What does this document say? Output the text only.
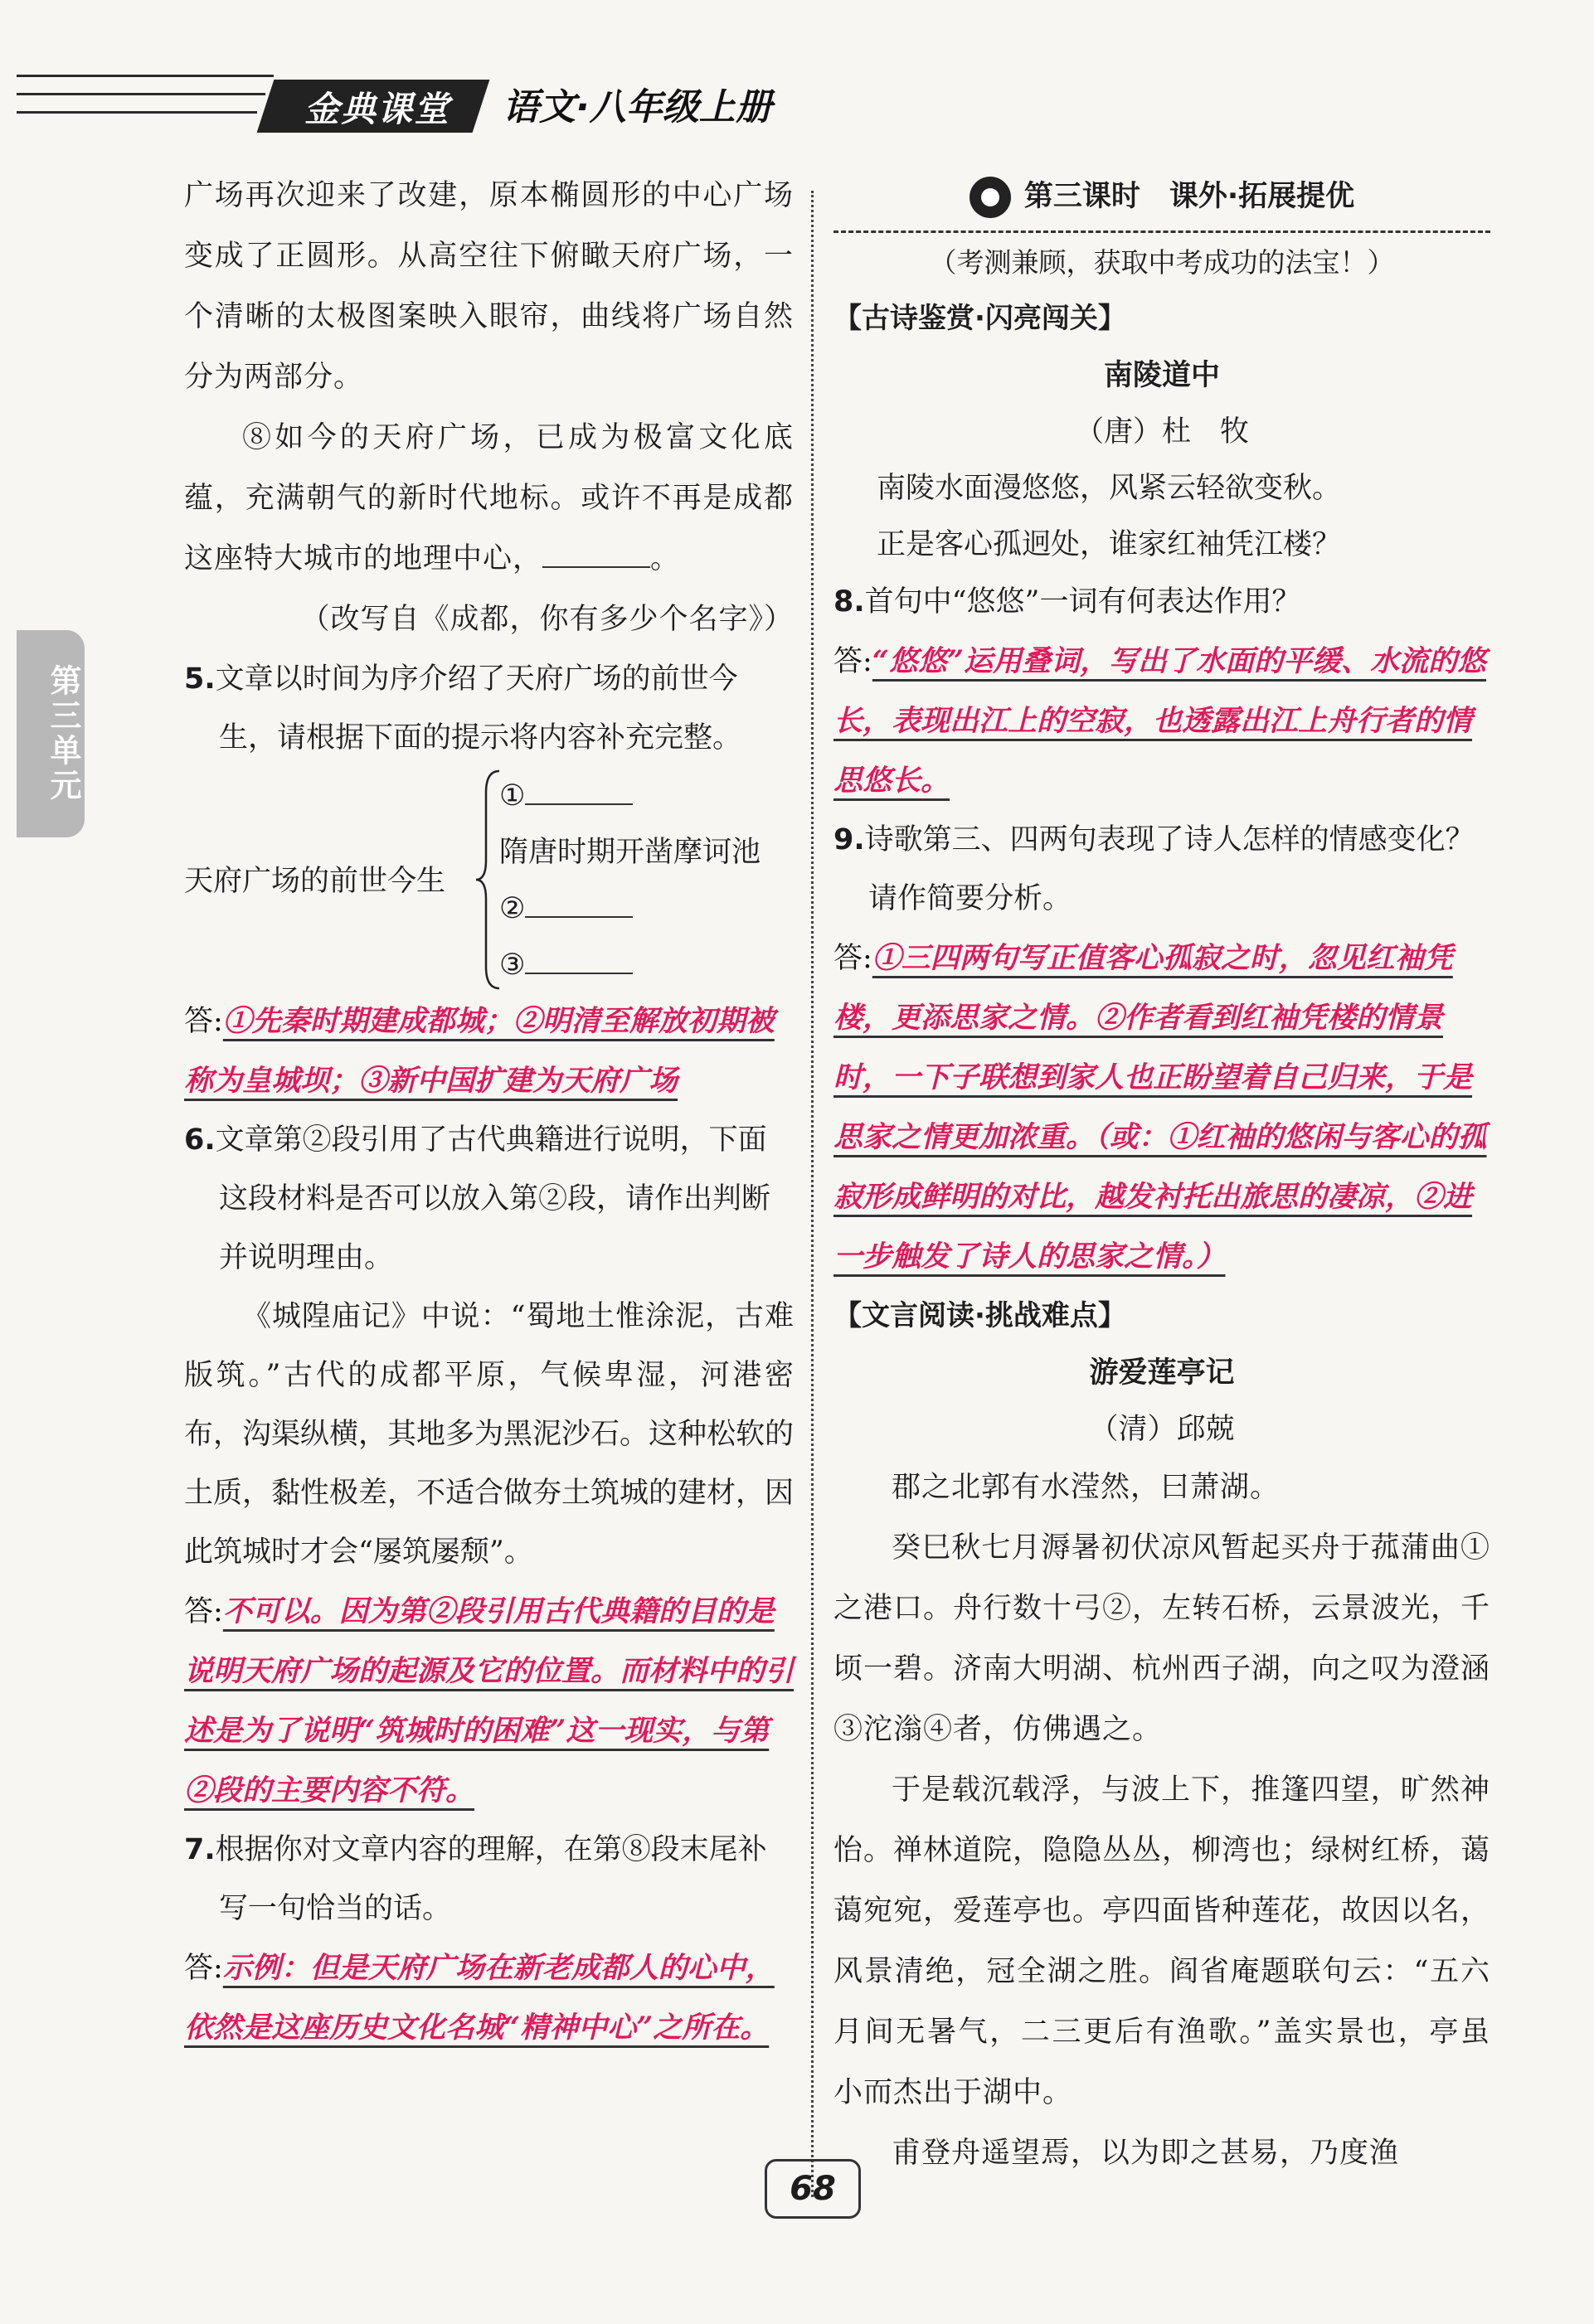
金典课堂	语文·八年级上册
第三单元

广场再次迎来了改建，原本椭圆形的中心广场变成了正圆形。从高空往下俯瞰天府广场，一个清晰的太极图案映入眼帘，曲线将广场自然分为两部分。

⑧如今的天府广场，已成为极富文化底蕴，充满朝气的新时代地标。或许不再是成都这座特大城市的地理中心，	。

（改写自《成都，你有多少个名字》）

5.文章以时间为序介绍了天府广场的前世今生，请根据下面的提示将内容补充完整。

天府广场的前世今生
①
隋唐时期开凿摩诃池
②
③

答:①先秦时期建成都城；②明清至解放初期被称为皇城坝；③新中国扩建为天府广场

6.文章第②段引用了古代典籍进行说明，下面这段材料是否可以放入第②段，请作出判断并说明理由。

《城隍庙记》中说：“蜀地土惟涂泥，古难版筑。”古代的成都平原，气候卑湿，河港密布，沟渠纵横，其地多为黑泥沙石。这种松软的土质，黏性极差，不适合做夯土筑城的建材，因此筑城时才会“屡筑屡颓”。

答:不可以。因为第②段引用古代典籍的目的是说明天府广场的起源及它的位置。而材料中的引述是为了说明“筑城时的困难”这一现实，与第②段的主要内容不符。

7.根据你对文章内容的理解，在第⑧段末尾补写一句恰当的话。

答:示例：但是天府广场在新老成都人的心中，依然是这座历史文化名城“精神中心”之所在。

第三课时　课外·拓展提优

（考测兼顾，获取中考成功的法宝！）

【古诗鉴赏·闪亮闯关】

南陵道中

（唐）杜　牧

南陵水面漫悠悠，风紧云轻欲变秋。

正是客心孤迥处，谁家红袖凭江楼？

8.首句中“悠悠”一词有何表达作用？

答:“悠悠”运用叠词，写出了水面的平缓、水流的悠长，表现出江上的空寂，也透露出江上舟行者的情思悠长。

9.诗歌第三、四两句表现了诗人怎样的情感变化？请作简要分析。

答:①三四两句写正值客心孤寂之时，忽见红袖凭楼，更添思家之情。②作者看到红袖凭楼的情景时，一下子联想到家人也正盼望着自己归来，于是思家之情更加浓重。（或：①红袖的悠闲与客心的孤寂形成鲜明的对比，越发衬托出旅思的凄凉，②进一步触发了诗人的思家之情。）

【文言阅读·挑战难点】

游爱莲亭记

（清）邱兢

郡之北郭有水滢然，曰萧湖。

癸巳秋七月溽暑初伏凉风暂起买舟于菰蒲曲①之港口。舟行数十弓②，左转石桥，云景波光，千顷一碧。济南大明湖、杭州西子湖，向之叹为澄涵③沱滃④者，仿佛遇之。

于是载沉载浮，与波上下，推篷四望，旷然神怡。禅林道院，隐隐丛丛，柳湾也；绿树红桥，蔼蔼宛宛，爱莲亭也。亭四面皆种莲花，故因以名，风景清绝，冠全湖之胜。阎省庵题联句云：“五六月间无暑气，二三更后有渔歌。”盖实景也，亭虽小而杰出于湖中。

甫登舟遥望焉，以为即之甚易，乃度渔

68
